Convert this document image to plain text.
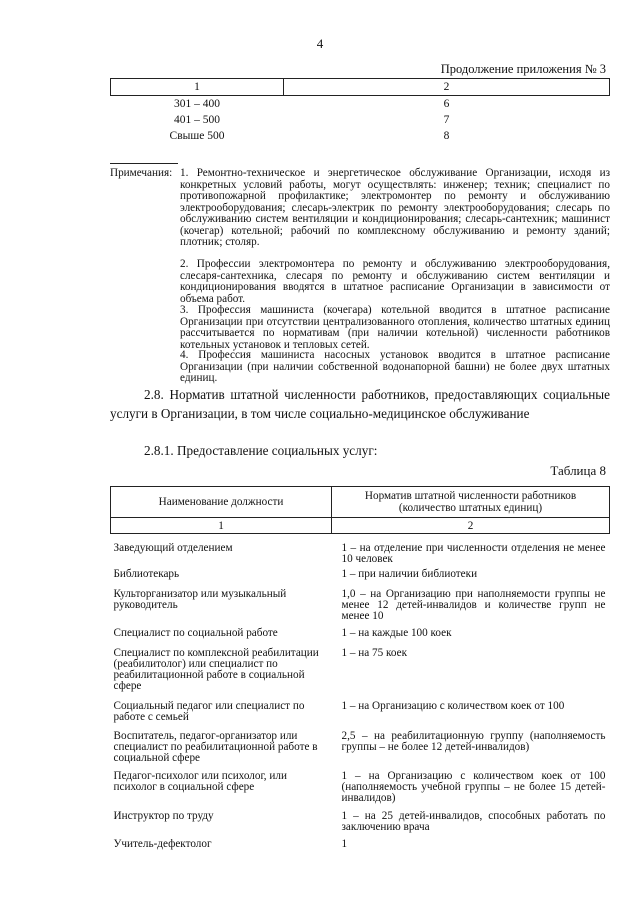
4
Продолжение приложения № 3
1	2
301 – 400	6
401 – 500	7
Свыше 500	8
Примечания: 1. Ремонтно-техническое и энергетическое обслуживание Организации, исходя из конкретных условий работы, могут осуществлять: инженер; техник; специалист по противопожарной профилактике; электромонтер по ремонту и обслуживанию электрооборудования; слесарь-электрик по ремонту электрооборудования; слесарь по обслуживанию систем вентиляции и кондиционирования; слесарь-сантехник; машинист (кочегар) котельной; рабочий по комплексному обслуживанию и ремонту зданий; плотник; столяр.
2. Профессии электромонтера по ремонту и обслуживанию электрооборудования, слесаря-сантехника, слесаря по ремонту и обслуживанию систем вентиляции и кондиционирования вводятся в штатное расписание Организации в зависимости от объема работ.
3. Профессия машиниста (кочегара) котельной вводится в штатное расписание Организации при отсутствии централизованного отопления, количество штатных единиц рассчитывается по нормативам (при наличии котельной) численности работников котельных установок и тепловых сетей.
4. Профессия машиниста насосных установок вводится в штатное расписание Организации (при наличии собственной водонапорной башни) не более двух штатных единиц.
2.8. Норматив штатной численности работников, предоставляющих социальные услуги в Организации, в том числе социально-медицинское обслуживание
2.8.1. Предоставление социальных услуг:
Таблица 8
Наименование должности	Норматив штатной численности работников (количество штатных единиц)
1	2
Заведующий отделением	1 – на отделение при численности отделения не менее 10 человек
Библиотекарь	1 – при наличии библиотеки
Культорганизатор или музыкальный руководитель	1,0 – на Организацию при наполняемости группы не менее 12 детей-инвалидов и количестве групп не менее 10
Специалист по социальной работе	1 – на каждые 100 коек
Специалист по комплексной реабилитации (реабилитолог) или специалист по реабилитационной работе в социальной сфере	1 – на 75 коек
Социальный педагог или специалист по работе с семьей	1 – на Организацию с количеством коек от 100
Воспитатель, педагог-организатор или специалист по реабилитационной работе в социальной сфере	2,5 – на реабилитационную группу (наполняемость группы – не более 12 детей-инвалидов)
Педагог-психолог или психолог, или психолог в социальной сфере	1 – на Организацию с количеством коек от 100 (наполняемость учебной группы – не более 15 детей-инвалидов)
Инструктор по труду	1 – на 25 детей-инвалидов, способных работать по заключению врача
Учитель-дефектолог	1
